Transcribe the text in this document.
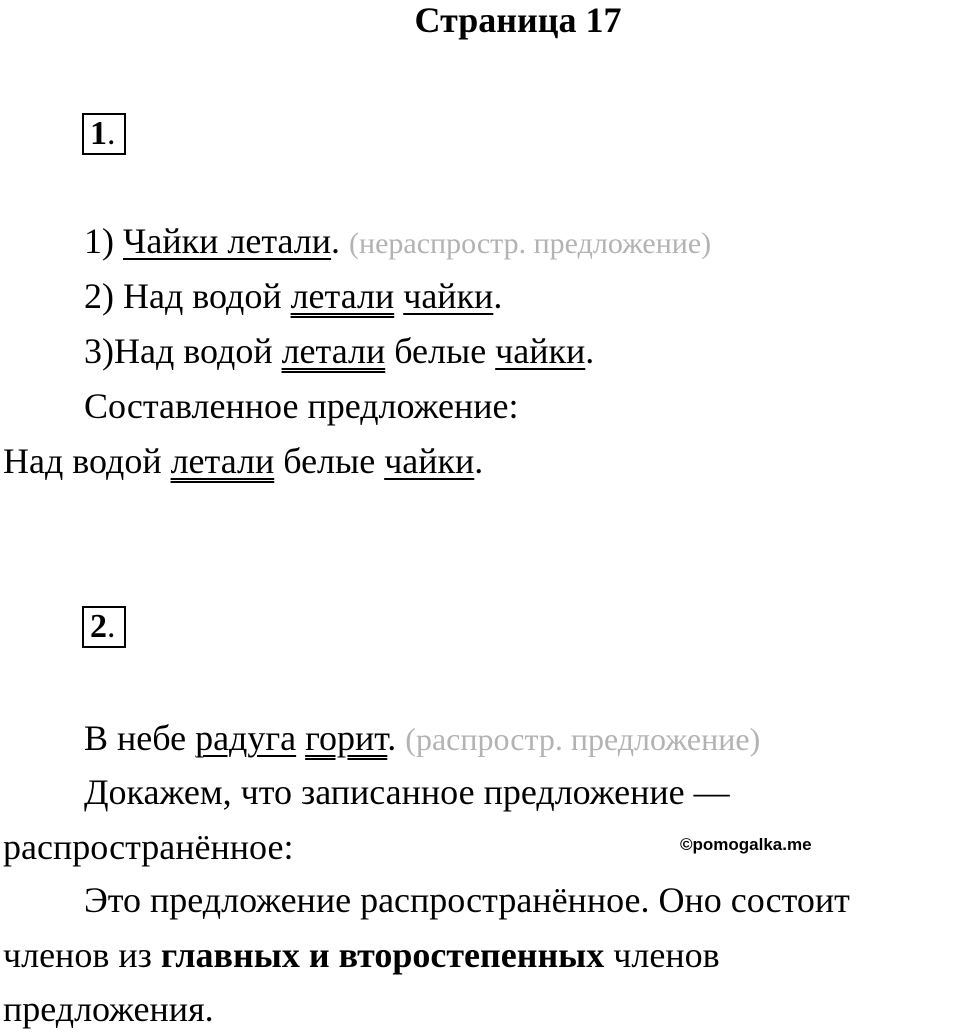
Страница 17
1.
1) Чайки летали. (нераспростр. предложение)
2) Над водой летали чайки.
3)Над водой летали белые чайки.
Составленное предложение:
Над водой летали белые чайки.
2.
В небе радуга горит. (распростр. предложение)
Докажем, что записанное предложение —
распространённое:	©pomogalka.me
Это предложение распространённое. Оно состоит
членов из главных и второстепенных членов
предложения.
